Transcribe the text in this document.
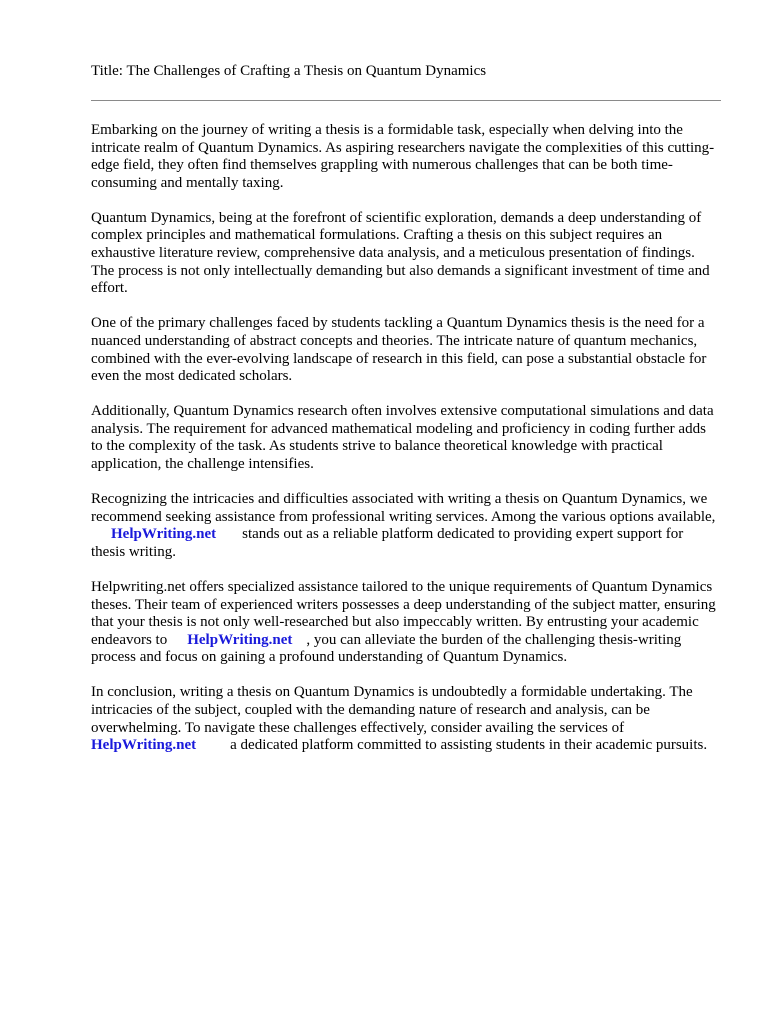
Title: The Challenges of Crafting a Thesis on Quantum Dynamics

Embarking on the journey of writing a thesis is a formidable task, especially when delving into the intricate realm of Quantum Dynamics. As aspiring researchers navigate the complexities of this cutting-edge field, they often find themselves grappling with numerous challenges that can be both time-consuming and mentally taxing.

Quantum Dynamics, being at the forefront of scientific exploration, demands a deep understanding of complex principles and mathematical formulations. Crafting a thesis on this subject requires an exhaustive literature review, comprehensive data analysis, and a meticulous presentation of findings. The process is not only intellectually demanding but also demands a significant investment of time and effort.

One of the primary challenges faced by students tackling a Quantum Dynamics thesis is the need for a nuanced understanding of abstract concepts and theories. The intricate nature of quantum mechanics, combined with the ever-evolving landscape of research in this field, can pose a substantial obstacle for even the most dedicated scholars.

Additionally, Quantum Dynamics research often involves extensive computational simulations and data analysis. The requirement for advanced mathematical modeling and proficiency in coding further adds to the complexity of the task. As students strive to balance theoretical knowledge with practical application, the challenge intensifies.

Recognizing the intricacies and difficulties associated with writing a thesis on Quantum Dynamics, we recommend seeking assistance from professional writing services. Among the various options available,HelpWriting.net stands out as a reliable platform dedicated to providing expert support for thesis writing.

Helpwriting.net offers specialized assistance tailored to the unique requirements of Quantum Dynamics theses. Their team of experienced writers possesses a deep understanding of the subject matter, ensuring that your thesis is not only well-researched but also impeccably written. By entrusting your academic endeavors to HelpWriting.net , you can alleviate the burden of the challenging thesis-writing process and focus on gaining a profound understanding of Quantum Dynamics.

In conclusion, writing a thesis on Quantum Dynamics is undoubtedly a formidable undertaking. The intricacies of the subject, coupled with the demanding nature of research and analysis, can be overwhelming. To navigate these challenges effectively, consider availing the services of HelpWriting.net a dedicated platform committed to assisting students in their academic pursuits.
